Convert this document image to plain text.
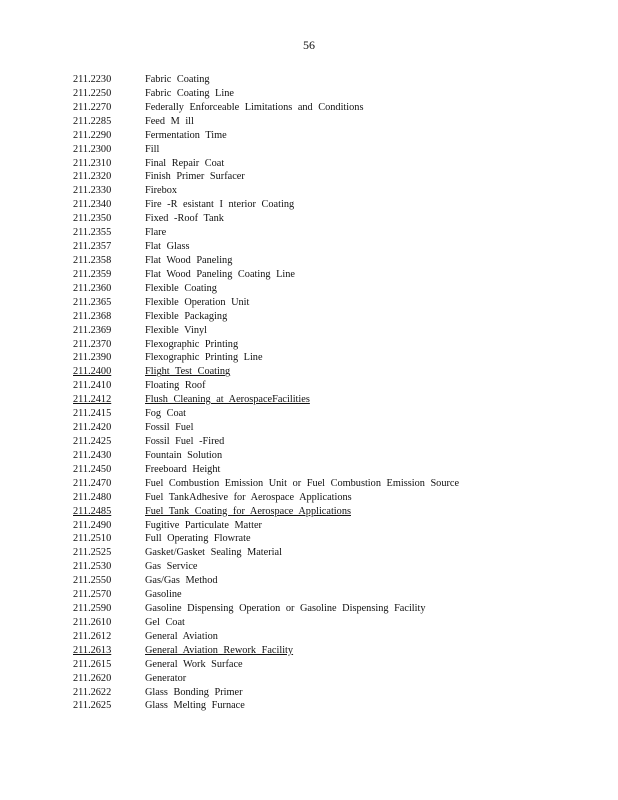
56
211.2230	Fabric Coating
211.2250	Fabric Coating Line
211.2270	Federally Enforceable Limitations and Conditions
211.2285	Feed M ill
211.2290	Fermentation Time
211.2300	Fill
211.2310	Final Repair Coat
211.2320	Finish Primer Surfacer
211.2330	Firebox
211.2340	Fire -R esistant I nterior Coating
211.2350	Fixed -Roof Tank
211.2355	Flare
211.2357	Flat Glass
211.2358	Flat Wood Paneling
211.2359	Flat Wood Paneling Coating Line
211.2360	Flexible Coating
211.2365	Flexible Operation Unit
211.2368	Flexible Packaging
211.2369	Flexible Vinyl
211.2370	Flexographic Printing
211.2390	Flexographic Printing Line
211.2400	Flight Test Coating
211.2410	Floating Roof
211.2412	Flush Cleaning at AerospaceFacilities
211.2415	Fog Coat
211.2420	Fossil Fuel
211.2425	Fossil Fuel -Fired
211.2430	Fountain Solution
211.2450	Freeboard Height
211.2470	Fuel Combustion Emission Unit or Fuel Combustion Emission Source
211.2480	Fuel TankAdhesive for Aerospace Applications
211.2485	Fuel Tank Coating for Aerospace Applications
211.2490	Fugitive Particulate Matter
211.2510	Full Operating Flowrate
211.2525	Gasket/Gasket Sealing Material
211.2530	Gas Service
211.2550	Gas/Gas Method
211.2570	Gasoline
211.2590	Gasoline Dispensing Operation or Gasoline Dispensing Facility
211.2610	Gel Coat
211.2612	General Aviation
211.2613	General Aviation Rework Facility
211.2615	General Work Surface
211.2620	Generator
211.2622	Glass Bonding Primer
211.2625	Glass Melting Furnace
